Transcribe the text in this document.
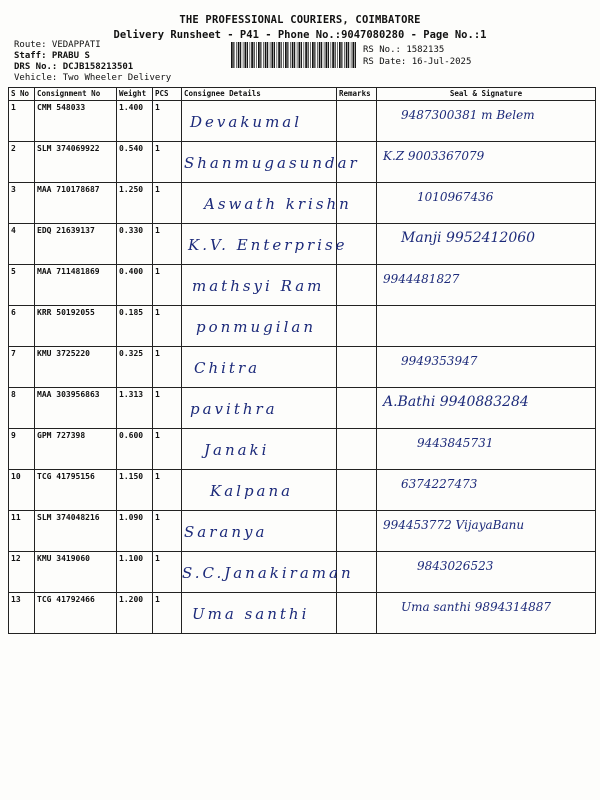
THE PROFESSIONAL COURIERS, COIMBATORE
Delivery Runsheet - P41 - Phone No.:9047080280 - Page No.:1
Route: VEDAPPATI
Staff: PRABU S
DRS No.: DCJB158213501
Vehicle: Two Wheeler Delivery
RS No.: 1582135
RS Date: 16-Jul-2025
S No	Consignment No	Weight	PCS	Consignee Details	Remarks	Seal & Signature
1	CMM 548033	1.400	1	Devakumal		9487300381 m Belem

2	SLM 374069922	0.540	1	Shanmugasundar		K.Z 9003367079

3	MAA 710178687	1.250	1	Aswath krishn		1010967436

4	EDQ 21639137	0.330	1	K.V. Enterprise		Manji 9952412060

5	MAA 711481869	0.400	1	mathsyi Ram		9944481827

6	KRR 50192055	0.185	1	ponmugilan		

7	KMU 3725220	0.325	1	Chitra		9949353947

8	MAA 303956863	1.313	1	pavithra		A.Bathi 9940883284

9	GPM 727398	0.600	1	Janaki		9443845731

10	TCG 41795156	1.150	1	Kalpana		6374227473

11	SLM 374048216	1.090	1	Saranya		994453772 VijayaBanu

12	KMU 3419060	1.100	1	S.C.Janakiraman		9843026523

13	TCG 41792466	1.200	1	Uma santhi		Uma santhi 9894314887
